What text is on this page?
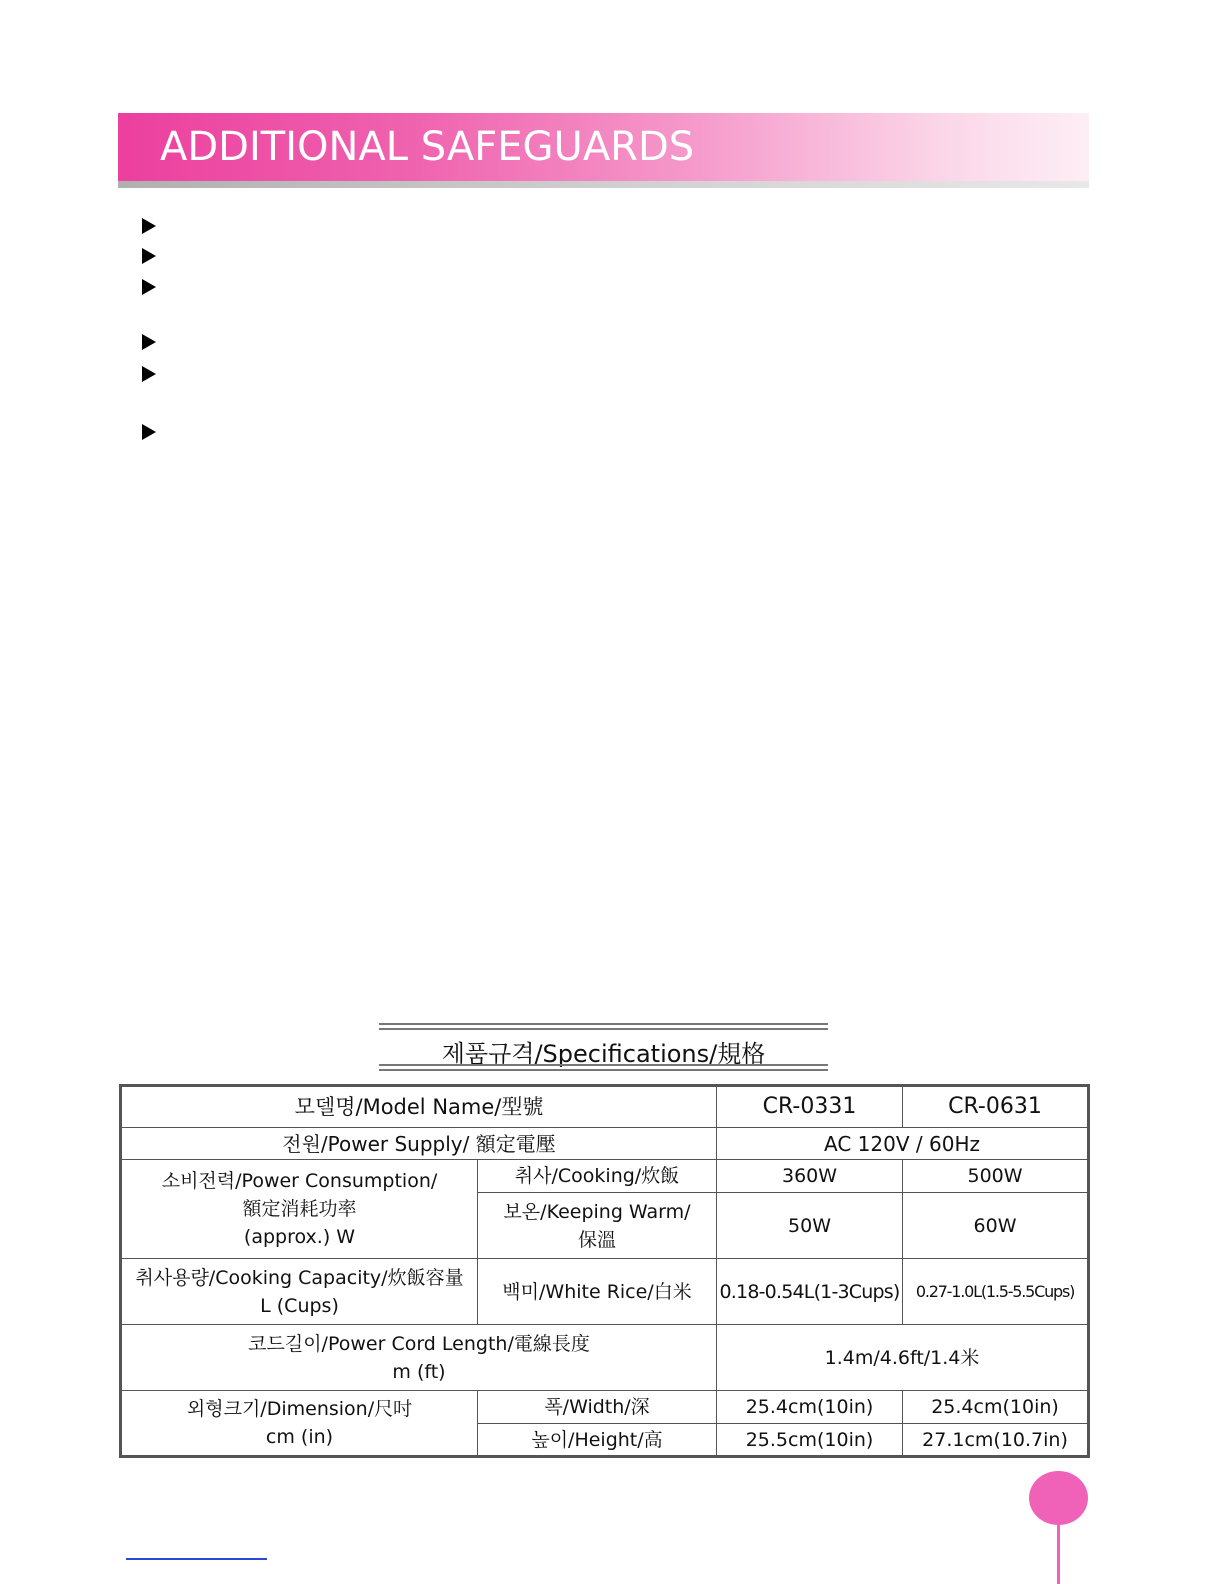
ADDITIONAL SAFEGUARDS
제품규격/Specifications/規格
모델명/Model Name/型號		CR-0331	CR-0631
전원/Power Supply/ 額定電壓		AC 120V / 60Hz	

소비전력/Power Consumption/
額定消耗功率
(approx.) W	취사/Cooking/炊飯	360W	500W

	보온/Keeping Warm/
保溫	50W	60W

취사용량/Cooking Capacity/炊飯容量
L (Cups)	백미/White Rice/白米	0.18-0.54L(1-3Cups)	0.27-1.0L(1.5-5.5Cups)

코드길이/Power Cord Length/電線長度
m (ft)		1.4m/4.6ft/1.4米	

외형크기/Dimension/尺吋
cm (in)	폭/Width/深	25.4cm(10in)	25.4cm(10in)
	높이/Height/高	25.5cm(10in)	27.1cm(10.7in)
